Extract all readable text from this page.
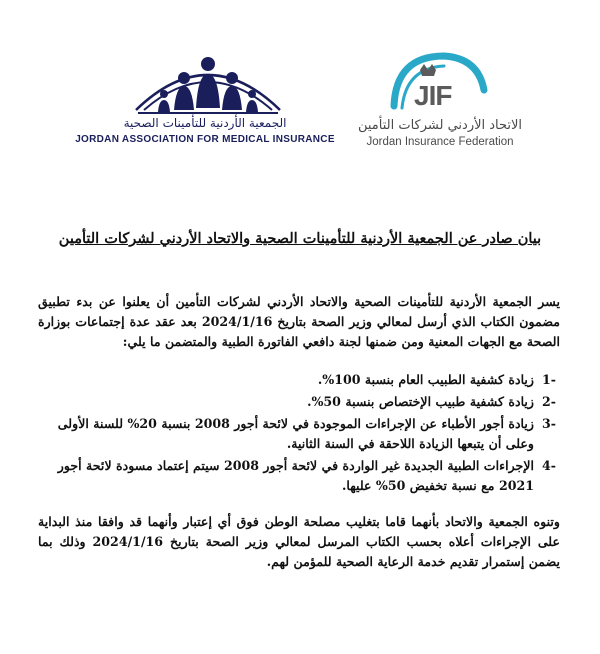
الجمعية الأردنية للتأمينات الصحية
JORDAN ASSOCIATION FOR MEDICAL INSURANCE
JIF
الاتحاد الأردني لشركات التأمين
Jordan Insurance Federation
بيان صادر عن الجمعية الأردنية للتأمينات الصحية والاتحاد الأردني لشركات التأمين

يسر الجمعية الأردنية للتأمينات الصحية والاتحاد الأردني لشركات التأمين أن يعلنوا عن بدء تطبيق مضمون الكتاب الذي أرسل لمعالي وزير الصحة بتاريخ 2024/1/16 بعد عقد عدة إجتماعات بوزارة الصحة مع الجهات المعنية ومن ضمنها لجنة دافعي الفاتورة الطبية والمتضمن ما يلي:

-1
زيادة كشفية الطبيب العام بنسبة 100%.
-2
زيادة كشفية طبيب الإختصاص بنسبة 50%.
-3
زيادة أجور الأطباء عن الإجراءات الموجودة في لائحة أجور 2008 بنسبة 20% للسنة الأولى وعلى أن يتبعها الزيادة اللاحقة في السنة الثانية.
-4
الإجراءات الطبية الجديدة غير الواردة في لائحة أجور 2008 سيتم إعتماد مسودة لائحة أجور 2021 مع نسبة تخفيض 50% عليها.

وتنوه الجمعية والاتحاد بأنهما قاما بتغليب مصلحة الوطن فوق أي إعتبار وأنهما قد وافقا منذ البداية على الإجراءات أعلاه بحسب الكتاب المرسل لمعالي وزير الصحة بتاريخ 2024/1/16 وذلك بما يضمن إستمرار تقديم خدمة الرعاية الصحية للمؤمن لهم.
